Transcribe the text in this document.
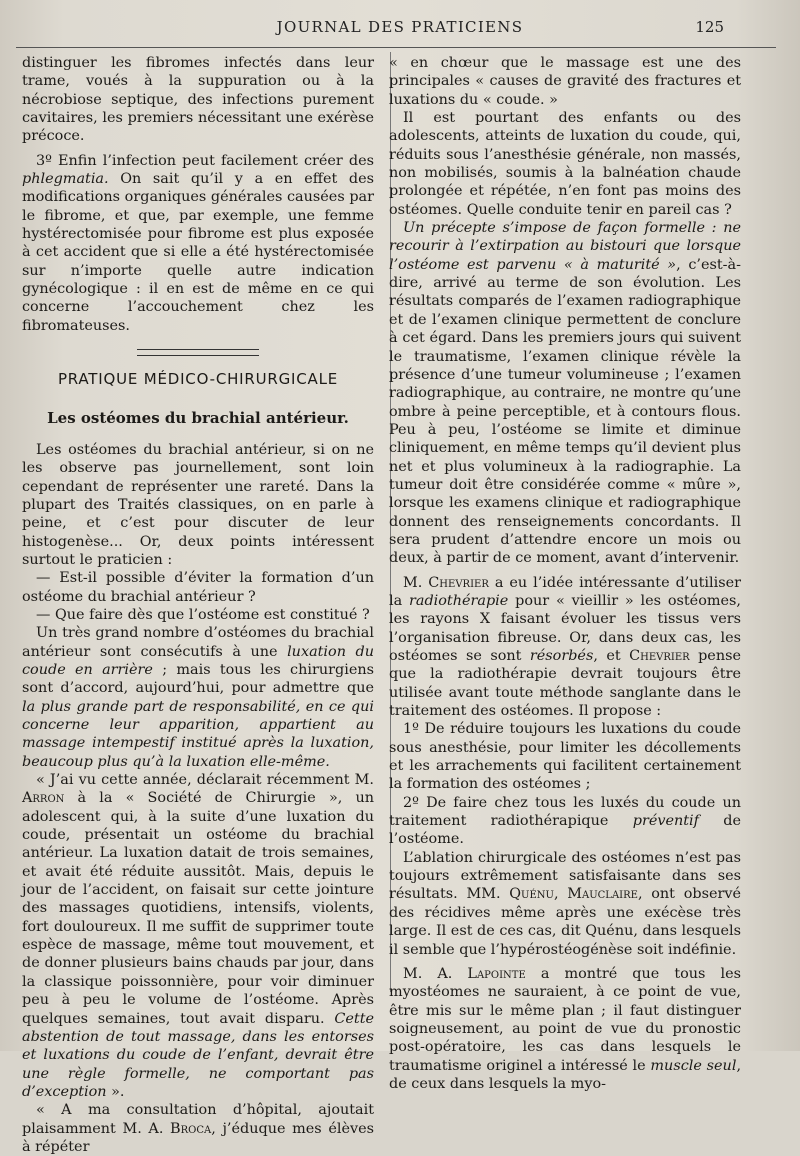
JOURNAL DES PRATICIENS	125

distinguer les fibromes infectés dans leur trame, voués à la suppuration ou à la nécrobiose septique, des infections purement cavitaires, les premiers nécessitant une exérèse précoce.

3º Enfin l’infection peut facilement créer des phlegmatia. On sait qu’il y a en effet des modifications organiques générales causées par le fibrome, et que, par exemple, une femme hystérectomisée pour fibrome est plus exposée à cet accident que si elle a été hystérectomisée sur n’importe quelle autre indication gynécologique : il en est de même en ce qui concerne l’accouchement chez les fibromateuses.

PRATIQUE MÉDICO-CHIRURGICALE
Les ostéomes du brachial antérieur.

Les ostéomes du brachial antérieur, si on ne les observe pas journellement, sont loin cependant de représenter une rareté. Dans la plupart des Traités classiques, on en parle à peine, et c’est pour discuter de leur histogenèse... Or, deux points intéressent surtout le praticien :

— Est-il possible d’éviter la formation d’un ostéome du brachial antérieur ?

— Que faire dès que l’ostéome est constitué ?

Un très grand nombre d’ostéomes du brachial antérieur sont consécutifs à une luxation du coude en arrière ; mais tous les chirurgiens sont d’accord, aujourd’hui, pour admettre que la plus grande part de responsabilité, en ce qui concerne leur apparition, appartient au massage intempestif institué après la luxation, beaucoup plus qu’à la luxation elle-même.

« J’ai vu cette année, déclarait récemment M. Arron à la « Société de Chirurgie », un adolescent qui, à la suite d’une luxation du coude, présentait un ostéome du brachial antérieur. La luxation datait de trois semaines, et avait été réduite aussitôt. Mais, depuis le jour de l’accident, on faisait sur cette jointure des massages quotidiens, intensifs, violents, fort douloureux. Il me suffit de supprimer toute espèce de massage, même tout mouvement, et de donner plusieurs bains chauds par jour, dans la classique poissonnière, pour voir diminuer peu à peu le volume de l’ostéome. Après quelques semaines, tout avait disparu. Cette abstention de tout massage, dans les entorses et luxations du coude de l’enfant, devrait être une règle formelle, ne comportant pas d’exception ».

« A ma consultation d’hôpital, ajoutait plaisamment M. A. Broca, j’éduque mes élèves à répéter

« en chœur que le massage est une des principales « causes de gravité des fractures et luxations du « coude. »

Il est pourtant des enfants ou des adolescents, atteints de luxation du coude, qui, réduits sous l’anesthésie générale, non massés, non mobilisés, soumis à la balnéation chaude prolongée et répétée, n’en font pas moins des ostéomes. Quelle conduite tenir en pareil cas ?

Un précepte s’impose de façon formelle : ne recourir à l’extirpation au bistouri que lorsque l’ostéome est parvenu « à maturité », c’est-à-dire, arrivé au terme de son évolution. Les résultats comparés de l’examen radiographique et de l’examen clinique permettent de conclure à cet égard. Dans les premiers jours qui suivent le traumatisme, l’examen clinique révèle la présence d’une tumeur volumineuse ; l’examen radiographique, au contraire, ne montre qu’une ombre à peine perceptible, et à contours flous. Peu à peu, l’ostéome se limite et diminue cliniquement, en même temps qu’il devient plus net et plus volumineux à la radiographie. La tumeur doit être considérée comme « mûre », lorsque les examens clinique et radiographique donnent des renseignements concordants. Il sera prudent d’attendre encore un mois ou deux, à partir de ce moment, avant d’intervenir.

M. Chevrier a eu l’idée intéressante d’utiliser la radiothérapie pour « vieillir » les ostéomes, les rayons X faisant évoluer les tissus vers l’organisation fibreuse. Or, dans deux cas, les ostéomes se sont résorbés, et Chevrier pense que la radiothérapie devrait toujours être utilisée avant toute méthode sanglante dans le traitement des ostéomes. Il propose :

1º De réduire toujours les luxations du coude sous anesthésie, pour limiter les décollements et les arrachements qui facilitent certainement la formation des ostéomes ;

2º De faire chez tous les luxés du coude un traitement radiothérapique préventif de l’ostéome.

L’ablation chirurgicale des ostéomes n’est pas toujours extrêmement satisfaisante dans ses résultats. MM. Quénu, Mauclaire, ont observé des récidives même après une exécèse très large. Il est de ces cas, dit Quénu, dans lesquels il semble que l’hypérostéogénèse soit indéfinie.

M. A. Lapointe a montré que tous les myostéomes ne sauraient, à ce point de vue, être mis sur le même plan ; il faut distinguer soigneusement, au point de vue du pronostic post-opératoire, les cas dans lesquels le traumatisme originel a intéressé le muscle seul, de ceux dans lesquels la myo-
